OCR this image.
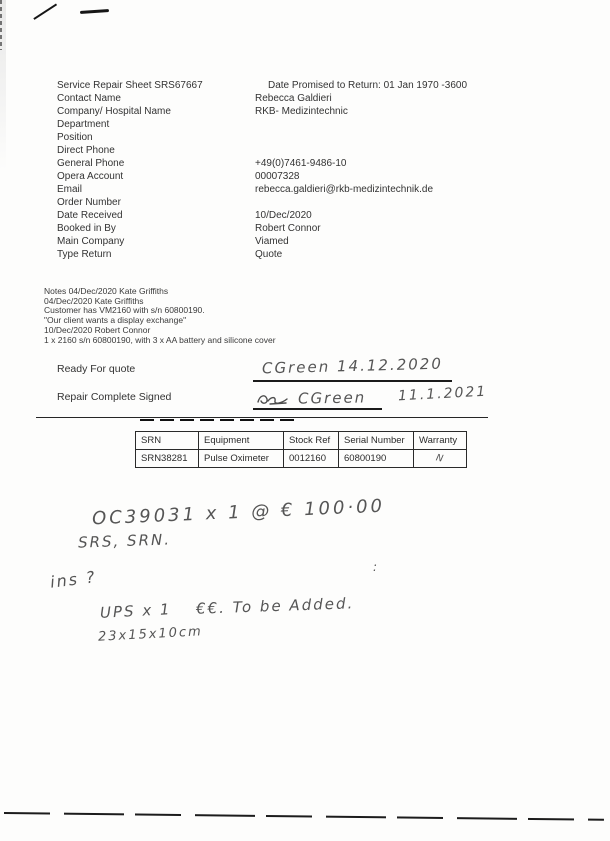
Service Repair Sheet SRS67667	Date Promised to Return: 01 Jan 1970 -3600
Contact Name	Rebecca Galdieri
Company/ Hospital Name	RKB- Medizintechnic
Department
Position
Direct Phone
General Phone	+49(0)7461-9486-10
Opera Account	00007328
Email	rebecca.galdieri@rkb-medizintechnik.de
Order Number
Date Received	10/Dec/2020
Booked in By	Robert Connor
Main Company	Viamed
Type Return	Quote
Notes 04/Dec/2020 Kate Griffiths
04/Dec/2020 Kate Griffiths
Customer has VM2160 with s/n 60800190.
"Our client wants a display exchange"
10/Dec/2020 Robert Connor
1 x 2160 s/n 60800190, with 3 x AA battery and silicone cover
Ready For quote	CGreen 14.12.2020
Repair Complete Signed	CGreen 11.1.2021
SRN	Equipment	Stock Ref	Serial Number	Warranty
SRN38281	Pulse Oximeter	0012160	60800190	N
OC39031 x 1 @ € 100·00
SRS, SRN.
:
ins ?
UPS x 1 €€. To be Added.
23x15x10cm
